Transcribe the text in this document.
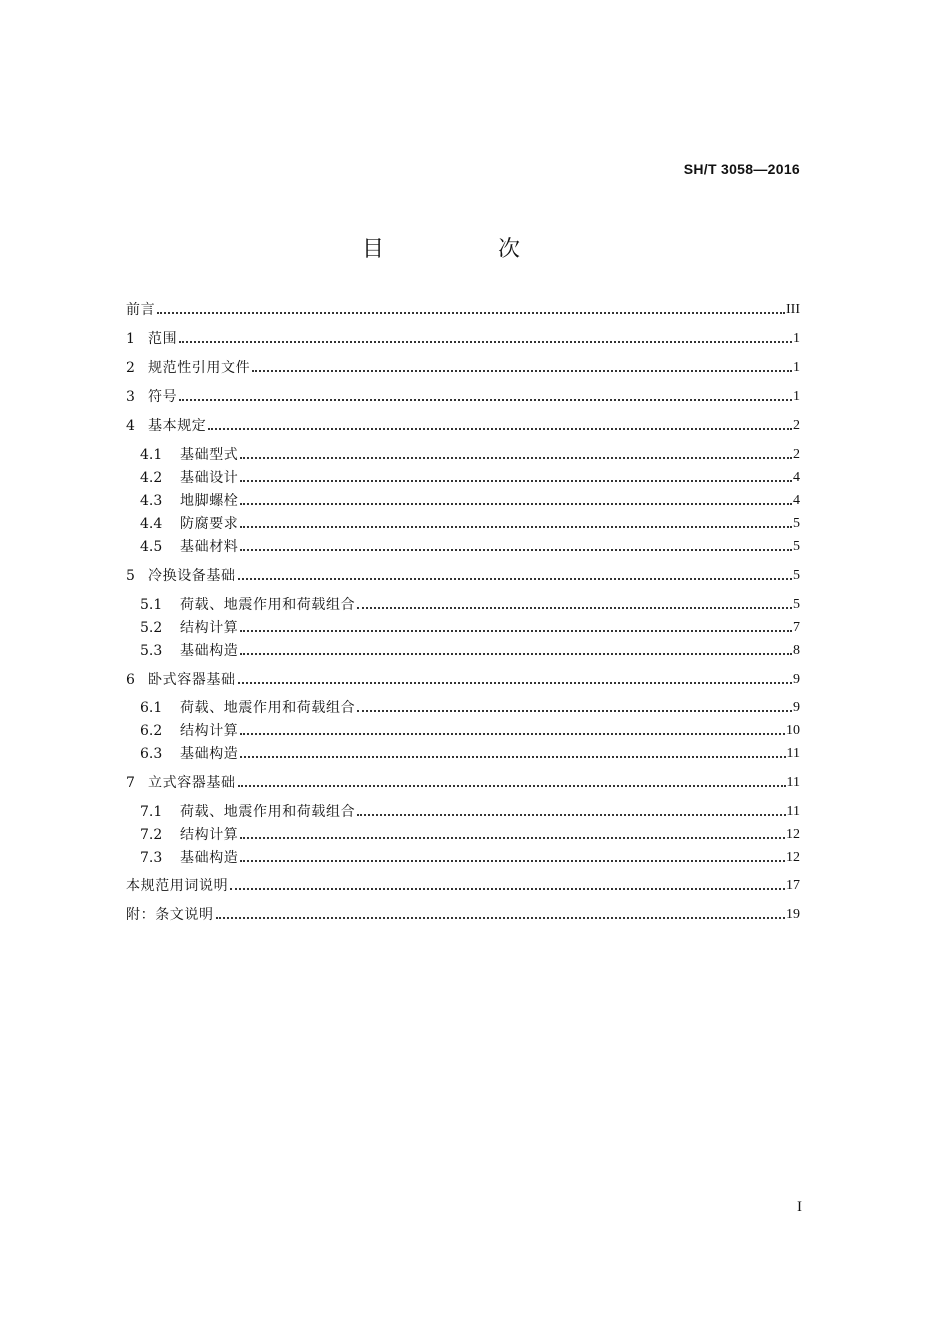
SH/T 3058—2016
目　次
前言	III
1 范围	1
2 规范性引用文件	1
3 符号	1
4 基本规定	2
4.1	基础型式	2
4.2	基础设计	4
4.3	地脚螺栓	4
4.4	防腐要求	5
4.5	基础材料	5
5 冷换设备基础	5
5.1	荷载、地震作用和荷载组合	5
5.2	结构计算	7
5.3	基础构造	8
6 卧式容器基础	9
6.1	荷载、地震作用和荷载组合	9
6.2	结构计算	10
6.3	基础构造	11
7 立式容器基础	11
7.1	荷载、地震作用和荷载组合	11
7.2	结构计算	12
7.3	基础构造	12
本规范用词说明	17
附：条文说明	19
I
